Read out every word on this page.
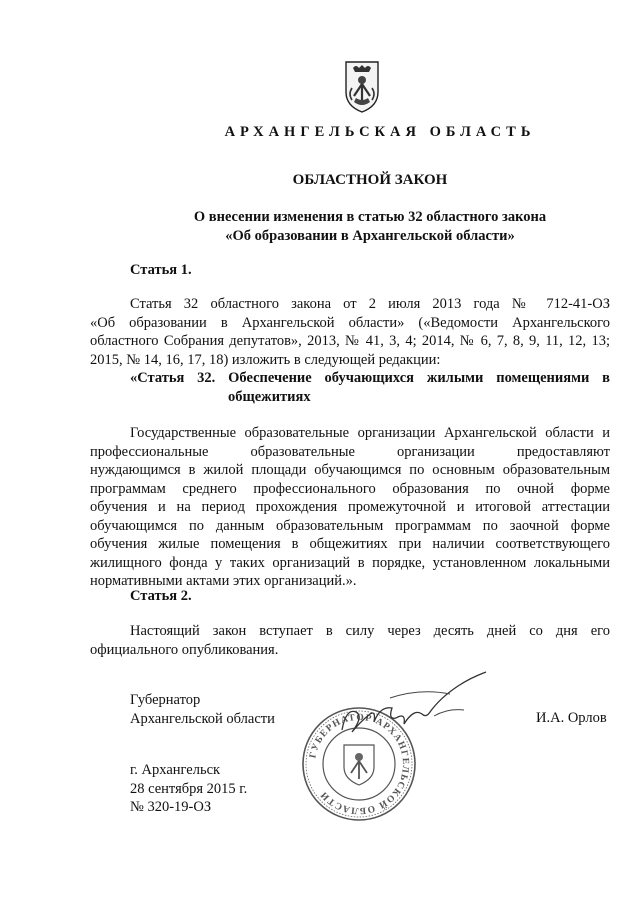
АРХАНГЕЛЬСКАЯ ОБЛАСТЬ
ОБЛАСТНОЙ ЗАКОН
О внесении изменения в статью 32 областного закона
«Об образовании в Архангельской области»
Статья 1.
Статья 32 областного закона от 2 июля 2013 года № 712-41-ОЗ
«Об образовании в Архангельской области» («Ведомости Архангельского
областного Собрания депутатов», 2013, № 41, 3, 4; 2014, № 6, 7, 8, 9, 11, 12, 13;
2015, № 14, 16, 17, 18) изложить в следующей редакции:
«Статья 32. Обеспечение обучающихся жилыми помещениями в
общежитиях
Государственные образовательные организации Архангельской области и
профессиональные образовательные организации предоставляют
нуждающимся в жилой площади обучающимся по основным образовательным
программам среднего профессионального образования по очной форме
обучения и на период прохождения промежуточной и итоговой аттестации
обучающимся по данным образовательным программам по заочной форме
обучения жилые помещения в общежитиях при наличии соответствующего
жилищного фонда у таких организаций в порядке, установленном локальными
нормативными актами этих организаций.».
Статья 2.
Настоящий закон вступает в силу через десять дней со дня его
официального опубликования.
Губернатор
Архангельской области
ГУБЕРНАТОР АРХАНГЕЛЬСКОЙ ОБЛАСТИ
И.А. Орлов
г. Архангельск
28 сентября 2015 г.
№ 320-19-ОЗ
